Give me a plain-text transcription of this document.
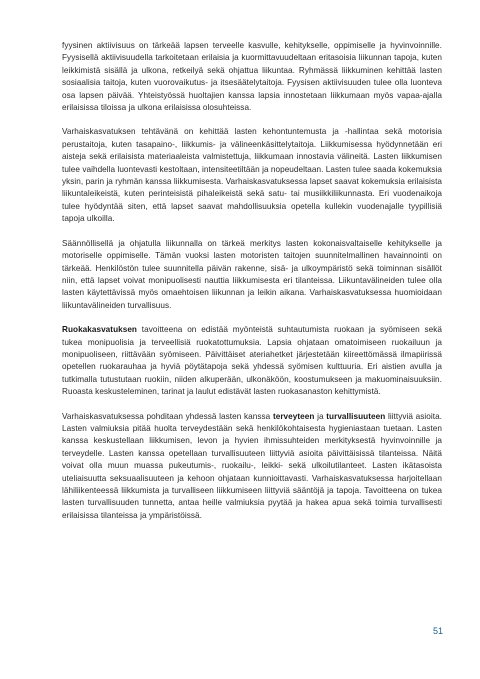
fyysinen aktiivisuus on tärkeää lapsen terveelle kasvulle, kehitykselle, oppimiselle ja hyvinvoinnille. Fyysisellä aktiivisuudella tarkoitetaan erilaisia ja kuormittavuudeltaan eritasoisia liikunnan tapoja, kuten leikkimistä sisällä ja ulkona, retkeilyä sekä ohjattua liikuntaa. Ryhmässä liikkuminen kehittää lasten sosiaalisia taitoja, kuten vuorovaikutus- ja itsesäätelytaitoja. Fyysisen aktiivisuuden tulee olla luonteva osa lapsen päivää. Yhteistyössä huoltajien kanssa lapsia innostetaan liikkumaan myös vapaa-ajalla erilaisissa tiloissa ja ulkona erilaisissa olosuhteissa.

Varhaiskasvatuksen tehtävänä on kehittää lasten kehontuntemusta ja -hallintaa sekä motorisia perustaitoja, kuten tasapaino-, liikkumis- ja välineenkäsittelytaitoja. Liikkumisessa hyödynnetään eri aisteja sekä erilaisista materiaaleista valmistettuja, liikkumaan innostavia välineitä. Lasten liikkumisen tulee vaihdella luontevasti kestoltaan, intensiteetiltään ja nopeudeltaan. Lasten tulee saada kokemuksia yksin, parin ja ryhmän kanssa liikkumisesta. Varhaiskasvatuksessa lapset saavat kokemuksia erilaisista liikuntaleikeistä, kuten perinteisistä pihaleikeistä sekä satu- tai musiikkiliikunnasta. Eri vuodenaikoja tulee hyödyntää siten, että lapset saavat mahdollisuuksia opetella kullekin vuodenajalle tyypillisiä tapoja ulkoilla.

Säännöllisellä ja ohjatulla liikunnalla on tärkeä merkitys lasten kokonaisvaltaiselle kehitykselle ja motoriselle oppimiselle. Tämän vuoksi lasten motoristen taitojen suunnitelmallinen havainnointi on tärkeää. Henkilöstön tulee suunnitella päivän rakenne, sisä- ja ulkoympäristö sekä toiminnan sisällöt niin, että lapset voivat monipuolisesti nauttia liikkumisesta eri tilanteissa. Liikuntavälineiden tulee olla lasten käytettävissä myös omaehtoisen liikunnan ja leikin aikana. Varhaiskasvatuksessa huomioidaan liikuntavälineiden turvallisuus.

Ruokakasvatuksen tavoitteena on edistää myönteistä suhtautumista ruokaan ja syömiseen sekä tukea monipuolisia ja terveellisiä ruokatottumuksia. Lapsia ohjataan omatoimiseen ruokailuun ja monipuoliseen, riittävään syömiseen. Päivittäiset ateriahetket järjestetään kiireettömässä ilmapiirissä opetellen ruokarauhaa ja hyviä pöytätapoja sekä yhdessä syömisen kulttuuria. Eri aistien avulla ja tutkimalla tutustutaan ruokiin, niiden alkuperään, ulkonäköön, koostumukseen ja makuominaisuuksiin. Ruoasta keskusteleminen, tarinat ja laulut edistävät lasten ruokasanaston kehittymistä.

Varhaiskasvatuksessa pohditaan yhdessä lasten kanssa terveyteen ja turvallisuuteen liittyviä asioita. Lasten valmiuksia pitää huolta terveydestään sekä henkilökohtaisesta hygieniastaan tuetaan. Lasten kanssa keskustellaan liikkumisen, levon ja hyvien ihmissuhteiden merkityksestä hyvinvoinnille ja terveydelle. Lasten kanssa opetellaan turvallisuuteen liittyviä asioita päivittäisissä tilanteissa. Näitä voivat olla muun muassa pukeutumis-, ruokailu-, leikki- sekä ulkoilutilanteet. Lasten ikätasoista uteliaisuutta seksuaalisuuteen ja kehoon ohjataan kunnioittavasti. Varhaiskasvatuksessa harjoitellaan lähiliikenteessä liikkumista ja turvalliseen liikkumiseen liittyviä sääntöjä ja tapoja. Tavoitteena on tukea lasten turvallisuuden tunnetta, antaa heille valmiuksia pyytää ja hakea apua sekä toimia turvallisesti erilaisissa tilanteissa ja ympäristöissä.

51
